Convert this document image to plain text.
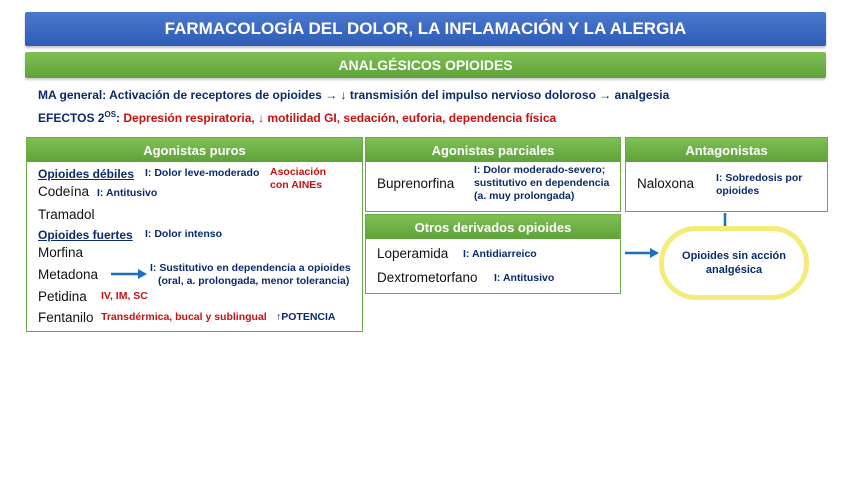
FARMACOLOGÍA DEL DOLOR, LA INFLAMACIÓN Y LA ALERGIA
ANALGÉSICOS OPIOIDES
MA general: Activación de receptores de opioides → ↓ transmisión del impulso nervioso doloroso → analgesia
EFECTOS $2^{OS}$: Depresión respiratoria, ↓ motilidad GI, sedación, euforia, dependencia física
Agonistas puros
Opioides débiles I: Dolor leve-moderado Asociación
con AINEs
Codeína I: Antitusivo
Tramadol
Opioides fuertes I: Dolor intenso
Morfina
Metadona	I: Sustitutivo en dependencia a opioides
(oral, a. prolongada, menor tolerancia)
Petidina IV, IM, SC
Fentanilo Transdérmica, bucal y sublingual ↑POTENCIA
Agonistas parciales
Buprenorfina
I: Dolor moderado-severo;
sustitutivo en dependencia
(a. muy prolongada)
Antagonistas
Naloxona I: Sobredosis por
opioides
Otros derivados opioides
Loperamida I: Antidiarreico
Dextrometorfano I: Antitusivo
Opioides sin acción
analgésica
